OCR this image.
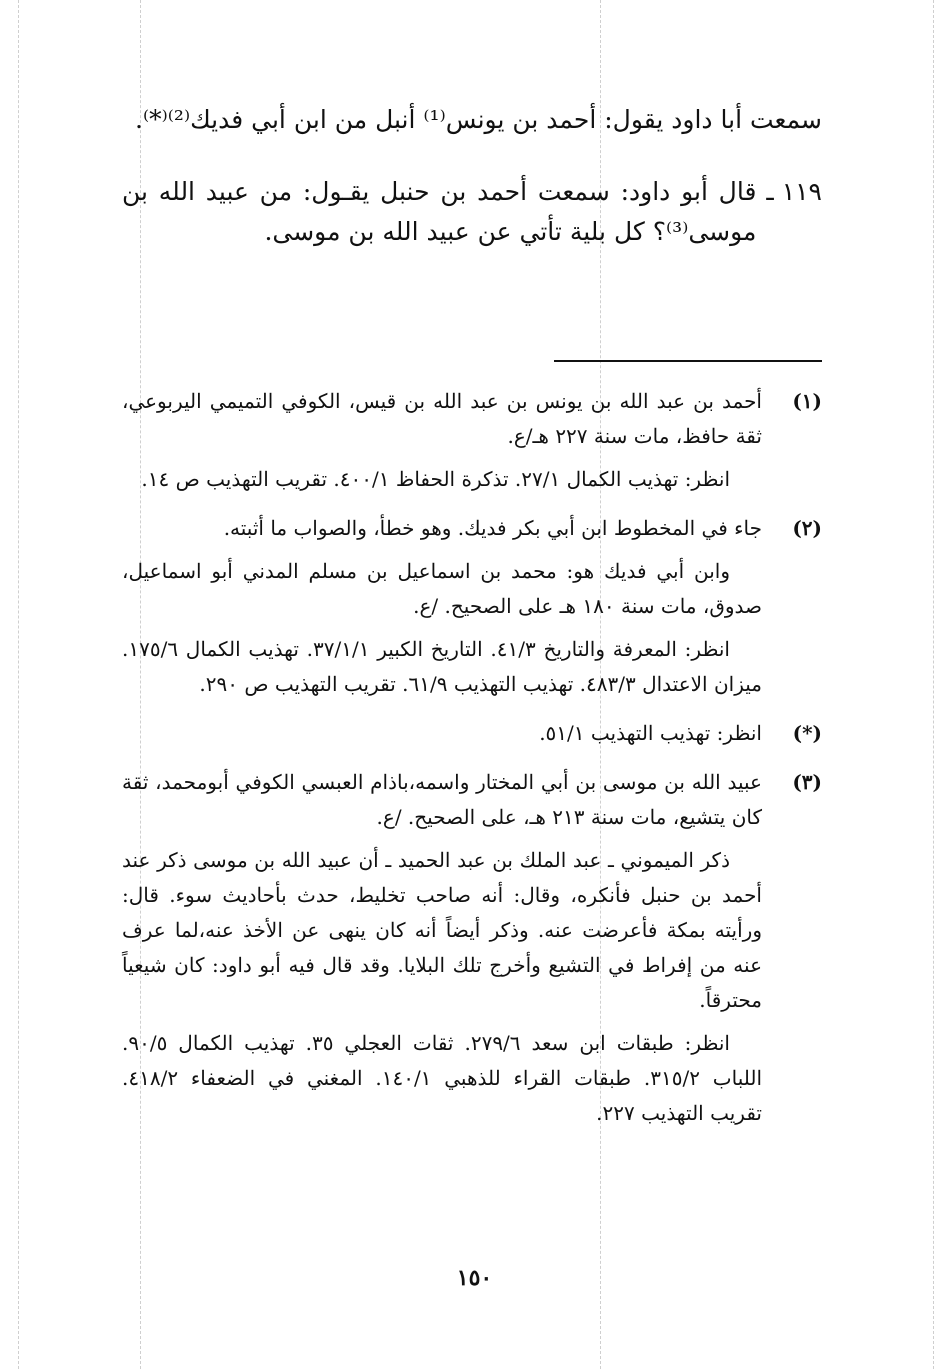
سمعت أبا داود يقول: أحمد بن يونس⁽¹⁾ أنبل من ابن أبي فديك⁽²⁾⁽*⁾.

١١٩ ـ
قال أبو داود: سمعت أحمد بن حنبل يقـول: من عبيد الله بن موسى⁽³⁾؟ كل بلية تأتي عن عبيد الله بن موسى.
(١)

أحمد بن عبد الله بن يونس بن عبد الله بن قيس، الكوفي التميمي اليربوعي، ثقة حافظ، مات سنة ٢٢٧ هـ/ع.

انظر: تهذيب الكمال ٢٧/١. تذكرة الحفاظ ٤٠٠/١. تقريب التهذيب ص ١٤.

(٢)

جاء في المخطوط ابن أبي بكر فديك. وهو خطأ، والصواب ما أثبته.

وابن أبي فديك هو: محمد بن اسماعيل بن مسلم المدني أبو اسماعيل، صدوق، مات سنة ١٨٠ هـ على الصحيح. /ع.

انظر: المعرفة والتاريخ ٤١/٣. التاريخ الكبير ٣٧/١/١. تهذيب الكمال ١٧٥/٦. ميزان الاعتدال ٤٨٣/٣. تهذيب التهذيب ٦١/٩. تقريب التهذيب ص ٢٩٠.

(*)

انظر: تهذيب التهذيب ٥١/١.

(٣)

عبيد الله بن موسى بن أبي المختار واسمه،باذام العبسي الكوفي أبومحمد، ثقة كان يتشيع، مات سنة ٢١٣ هـ، على الصحيح. /ع.

ذكر الميموني ـ عبد الملك بن عبد الحميد ـ أن عبيد الله بن موسى ذكر عند أحمد بن حنبل فأنكره، وقال: أنه صاحب تخليط، حدث بأحاديث سوء. قال: ورأيته بمكة فأعرضت عنه. وذكر أيضاً أنه كان ينهى عن الأخذ عنه،لما عرف عنه من إفراط في التشيع وأخرج تلك البلايا. وقد قال فيه أبو داود: كان شيعياً محترقاً.

انظر: طبقات ابن سعد ٢٧٩/٦. ثقات العجلي ٣٥. تهذيب الكمال ٩٠/٥. اللباب ٣١٥/٢. طبقات القراء للذهبي ١٤٠/١. المغني في الضعفاء ٤١٨/٢. تقريب التهذيب ٢٢٧.

١٥٠
